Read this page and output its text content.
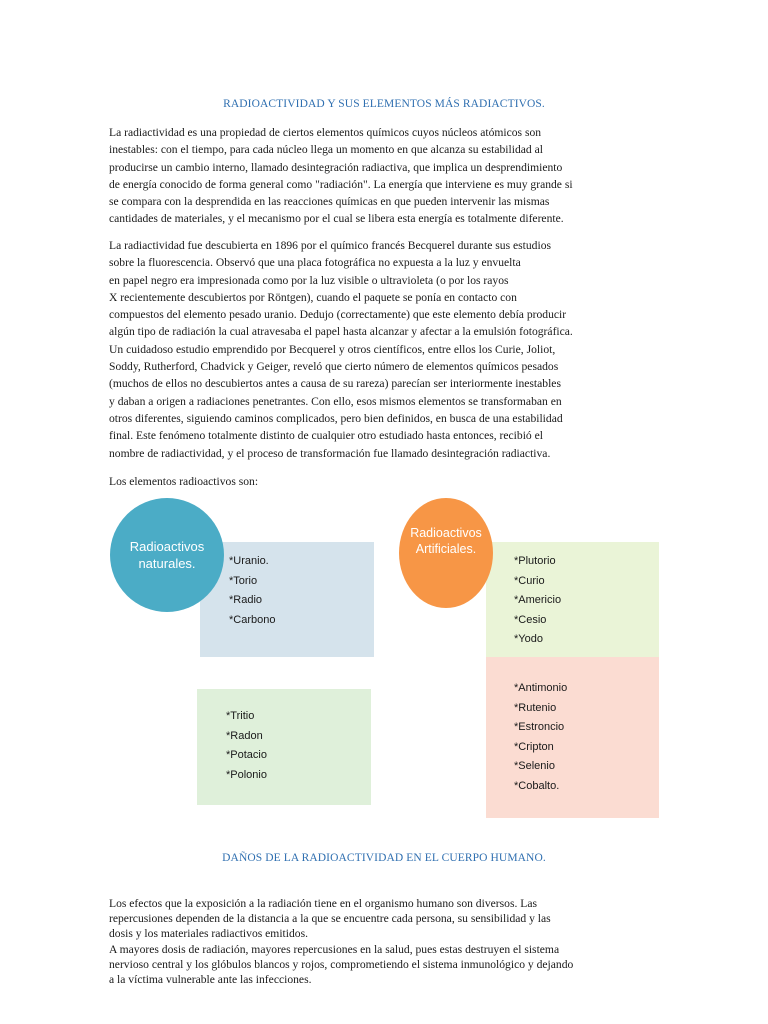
RADIOACTIVIDAD Y SUS ELEMENTOS MÁS RADIACTIVOS.
La radiactividad es una propiedad de ciertos elementos químicos cuyos núcleos atómicos son
inestables: con el tiempo, para cada núcleo llega un momento en que alcanza su estabilidad al
producirse un cambio interno, llamado desintegración radiactiva, que implica un desprendimiento
de energía conocido de forma general como "radiación". La energía que interviene es muy grande si
se compara con la desprendida en las reacciones químicas en que pueden intervenir las mismas
cantidades de materiales, y el mecanismo por el cual se libera esta energía es totalmente diferente.
La radiactividad fue descubierta en 1896 por el químico francés Becquerel durante sus estudios
sobre la fluorescencia. Observó que una placa fotográfica no expuesta a la luz y envuelta
en papel negro era impresionada como por la luz visible o ultravioleta (o por los rayos
X recientemente descubiertos por Röntgen), cuando el paquete se ponía en contacto con
compuestos del elemento pesado uranio. Dedujo (correctamente) que este elemento debía producir
algún tipo de radiación la cual atravesaba el papel hasta alcanzar y afectar a la emulsión fotográfica.
Un cuidadoso estudio emprendido por Becquerel y otros científicos, entre ellos los Curie, Joliot,
Soddy, Rutherford, Chadvick y Geiger, reveló que cierto número de elementos químicos pesados
(muchos de ellos no descubiertos antes a causa de su rareza) parecían ser interiormente inestables
y daban a origen a radiaciones penetrantes. Con ello, esos mismos elementos se transformaban en
otros diferentes, siguiendo caminos complicados, pero bien definidos, en busca de una estabilidad
final. Este fenómeno totalmente distinto de cualquier otro estudiado hasta entonces, recibió el
nombre de radiactividad, y el proceso de transformación fue llamado desintegración radiactiva.
Los elementos radioactivos son:
*Uranio.
*Torio
*Radio
*Carbono
*Tritio
*Radon
*Potacio
*Polonio
Radioactivos
naturales.	*Plutorio
*Curio
*Americio
*Cesio
*Yodo
*Antimonio
*Rutenio
*Estroncio
*Cripton
*Selenio
*Cobalto.
Radioactivos
Artificiales.
DAÑOS DE LA RADIOACTIVIDAD EN EL CUERPO HUMANO.
Los efectos que la exposición a la radiación tiene en el organismo humano son diversos. Las
repercusiones dependen de la distancia a la que se encuentre cada persona, su sensibilidad y las
dosis y los materiales radiactivos emitidos.
A mayores dosis de radiación, mayores repercusiones en la salud, pues estas destruyen el sistema
nervioso central y los glóbulos blancos y rojos, comprometiendo el sistema inmunológico y dejando
a la víctima vulnerable ante las infecciones.
